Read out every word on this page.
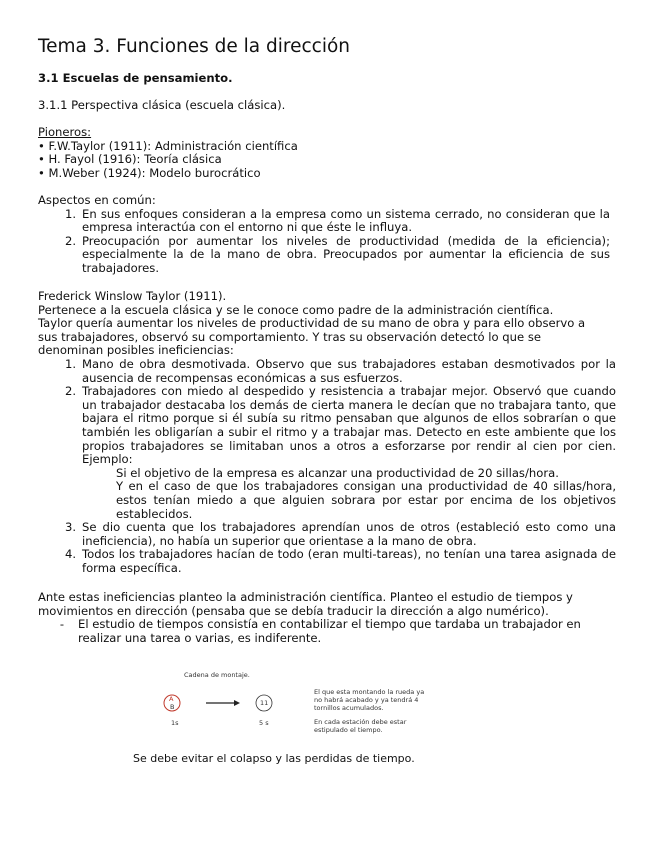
Tema 3. Funciones de la dirección
3.1 Escuelas de pensamiento.
3.1.1 Perspectiva clásica (escuela clásica).
Pioneros:
• F.W.Taylor (1911): Administración científica
• H. Fayol (1916): Teoría clásica
• M.Weber (1924): Modelo burocrático
Aspectos en común:
1. En sus enfoques consideran a la empresa como un sistema cerrado, no consideran que la empresa interactúa con el entorno ni que éste le influya.
2. Preocupación por aumentar los niveles de productividad (medida de la eficiencia); especialmente la de la mano de obra. Preocupados por aumentar la eficiencia de sus trabajadores.
Frederick Winslow Taylor (1911).
Pertenece a la escuela clásica y se le conoce como padre de la administración científica.
Taylor quería aumentar los niveles de productividad de su mano de obra y para ello observo a
sus trabajadores, observó su comportamiento. Y tras su observación detectó lo que se
denominan posibles ineficiencias:
1. Mano de obra desmotivada. Observo que sus trabajadores estaban desmotivados por la ausencia de recompensas económicas a sus esfuerzos.
2. Trabajadores con miedo al despedido y resistencia a trabajar mejor. Observó que cuando un trabajador destacaba los demás de cierta manera le decían que no trabajara tanto, que bajara el ritmo porque si él subía su ritmo pensaban que algunos de ellos sobrarían o que también les obligarían a subir el ritmo y a trabajar mas. Detecto en este ambiente que los propios trabajadores se limitaban unos a otros a esforzarse por rendir al cien por cien. Ejemplo:
Si el objetivo de la empresa es alcanzar una productividad de 20 sillas/hora.
Y en el caso de que los trabajadores consigan una productividad de 40 sillas/hora, estos tenían miedo a que alguien sobrara por estar por encima de los objetivos establecidos.
3. Se dio cuenta que los trabajadores aprendían unos de otros (estableció esto como una ineficiencia), no había un superior que orientase a la mano de obra.
4. Todos los trabajadores hacían de todo (eran multi-tareas), no tenían una tarea asignada de forma específica.
Ante estas ineficiencias planteo la administración científica. Planteo el estudio de tiempos y
movimientos en dirección (pensaba que se debía traducir la dirección a algo numérico).
-	El estudio de tiempos consistía en contabilizar el tiempo que tardaba un trabajador en realizar una tarea o varias, es indiferente.
Cadena de montaje.
A
B	11
1s	5 s
El que esta montando la rueda ya no habrá acabado y ya tendrá 4 tornillos acumulados.
En cada estación debe estar estipulado el tiempo.
Se debe evitar el colapso y las perdidas de tiempo.
